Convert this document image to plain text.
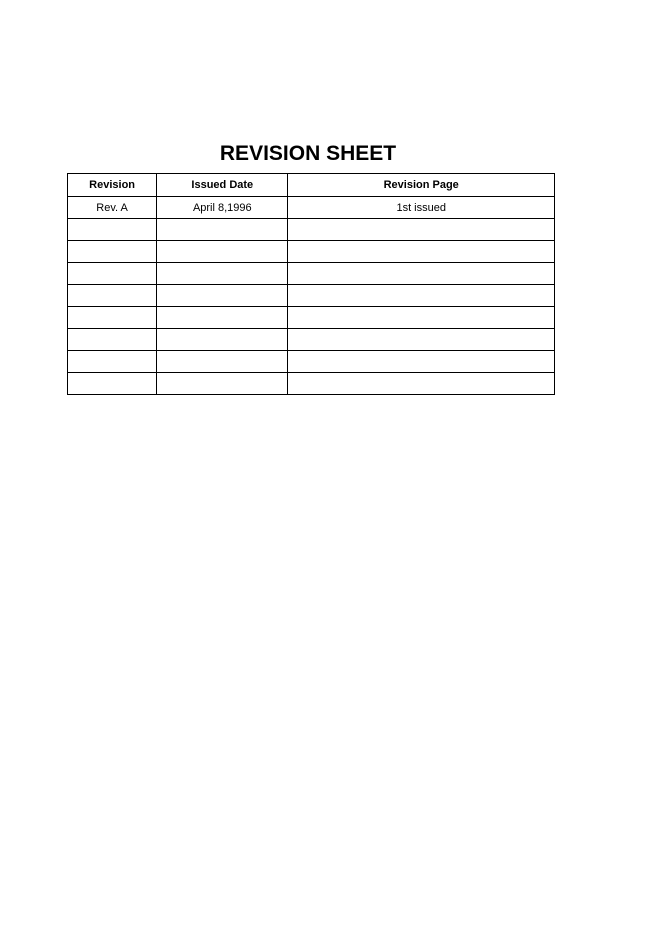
REVISION SHEET
Revision	Issued Date	Revision Page
Rev. A	April 8,1996	1st issued
